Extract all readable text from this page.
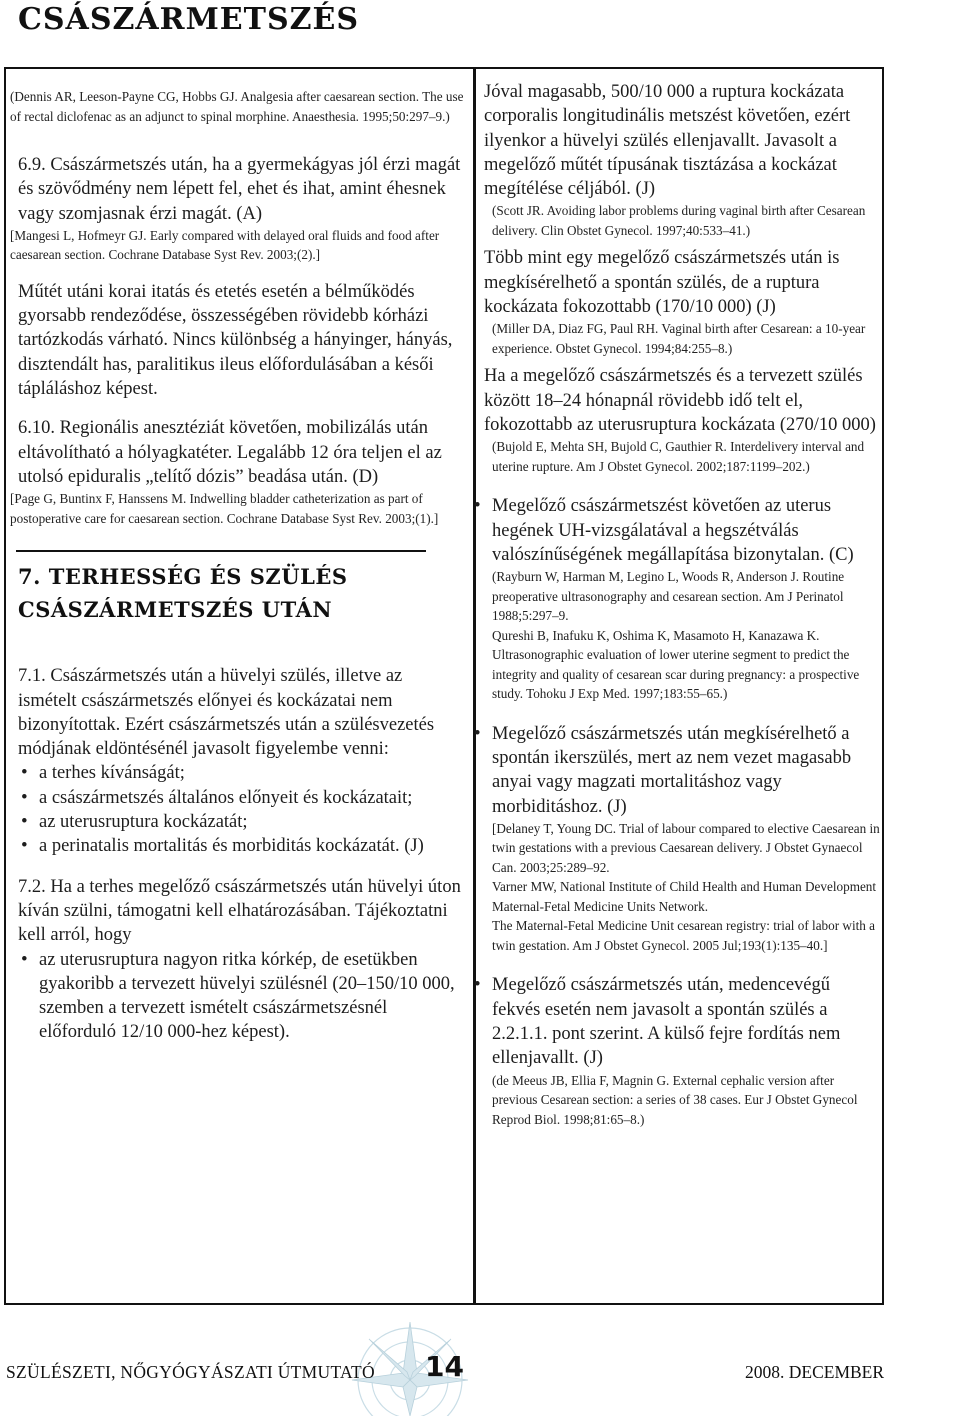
CSÁSZÁRMETSZÉS
(Dennis AR, Leeson-Payne CG, Hobbs GJ. Analgesia after caesarean section. The use of rectal diclofenac as an adjunct to spinal morphine. Anaesthesia. 1995;50:297–9.)
6.9. Császármetszés után, ha a gyermekágyas jól érzi magát és szövődmény nem lépett fel, ehet és ihat, amint éhesnek vagy szomjasnak érzi magát. (A)
[Mangesi L, Hofmeyr GJ. Early compared with delayed oral fluids and food after caesarean section. Cochrane Database Syst Rev. 2003;(2).]
Műtét utáni korai itatás és etetés esetén a bélműködés gyorsabb rendeződése, összességében rövidebb kórházi tartózkodás várható. Nincs különbség a hányinger, hányás, disztendált has, paralitikus ileus előfordulásában a késői tápláláshoz képest.
6.10. Regionális anesztéziát követően, mobilizálás után eltávolítható a hólyagkatéter. Legalább 12 óra teljen el az utolsó epiduralis „telítő dózis” beadása után. (D)
[Page G, Buntinx F, Hanssens M. Indwelling bladder catheterization as part of postoperative care for caesarean section. Cochrane Database Syst Rev. 2003;(1).]
7. TERHESSÉG ÉS SZÜLÉS
CSÁSZÁRMETSZÉS UTÁN
7.1. Császármetszés után a hüvelyi szülés, illetve az ismételt császármetszés előnyei és kockázatai nem bizonyítottak. Ezért császármetszés után a szülésvezetés módjának eldöntésénél javasolt figyelembe venni:
• a terhes kívánságát;
• a császármetszés általános előnyeit és kockázatait;
• az uterusruptura kockázatát;
• a perinatalis mortalitás és morbiditás kockázatát. (J)
7.2. Ha a terhes megelőző császármetszés után hüvelyi úton kíván szülni, támogatni kell elhatározásában. Tájékoztatni kell arról, hogy
• az uterusruptura nagyon ritka kórkép, de esetükben gyakoribb a tervezett hüvelyi szülésnél (20–150/10 000, szemben a tervezett ismételt császármetszésnél előforduló 12/10 000-hez képest).
Jóval magasabb, 500/10 000 a ruptura kockázata corporalis longitudinális metszést követően, ezért ilyenkor a hüvelyi szülés ellenjavallt. Javasolt a megelőző műtét típusának tisztázása a kockázat megítélése céljából. (J)
(Scott JR. Avoiding labor problems during vaginal birth after Cesarean delivery. Clin Obstet Gynecol. 1997;40:533–41.)
Több mint egy megelőző császármetszés után is megkísérelhető a spontán szülés, de a ruptura kockázata fokozottabb (170/10 000) (J)
(Miller DA, Diaz FG, Paul RH. Vaginal birth after Cesarean: a 10-year experience. Obstet Gynecol. 1994;84:255–8.)
Ha a megelőző császármetszés és a tervezett szülés között 18–24 hónapnál rövidebb idő telt el, fokozottabb az uterusruptura kockázata (270/10 000)
(Bujold E, Mehta SH, Bujold C, Gauthier R. Interdelivery interval and uterine rupture. Am J Obstet Gynecol. 2002;187:1199–202.)
• Megelőző császármetszést követően az uterus hegének UH-vizsgálatával a hegszétválás valószínűségének megállapítása bizonytalan. (C)
(Rayburn W, Harman M, Legino L, Woods R, Anderson J. Routine preoperative ultrasonography and cesarean section. Am J Perinatol 1988;5:297–9.
Qureshi B, Inafuku K, Oshima K, Masamoto H, Kanazawa K. Ultrasonographic evaluation of lower uterine segment to predict the integrity and quality of cesarean scar during pregnancy: a prospective study. Tohoku J Exp Med. 1997;183:55–65.)
• Megelőző császármetszés után megkísérelhető a spontán ikerszülés, mert az nem vezet magasabb anyai vagy magzati mortalitáshoz vagy morbiditáshoz. (J)
[Delaney T, Young DC. Trial of labour compared to elective Caesarean in twin gestations with a previous Caesarean delivery. J Obstet Gynaecol Can. 2003;25:289–92.
Varner MW, National Institute of Child Health and Human Development Maternal-Fetal Medicine Units Network.
The Maternal-Fetal Medicine Unit cesarean registry: trial of labor with a twin gestation. Am J Obstet Gynecol. 2005 Jul;193(1):135–40.]
• Megelőző császármetszés után, medencevégű fekvés esetén nem javasolt a spontán szülés a 2.2.1.1. pont szerint. A külső fejre fordítás nem ellenjavallt. (J)
(de Meeus JB, Ellia F, Magnin G. External cephalic version after previous Cesarean section: a series of 38 cases. Eur J Obstet Gynecol Reprod Biol. 1998;81:65–8.)
SZÜLÉSZETI, NŐGYÓGYÁSZATI ÚTMUTATÓ 14	2008. DECEMBER
